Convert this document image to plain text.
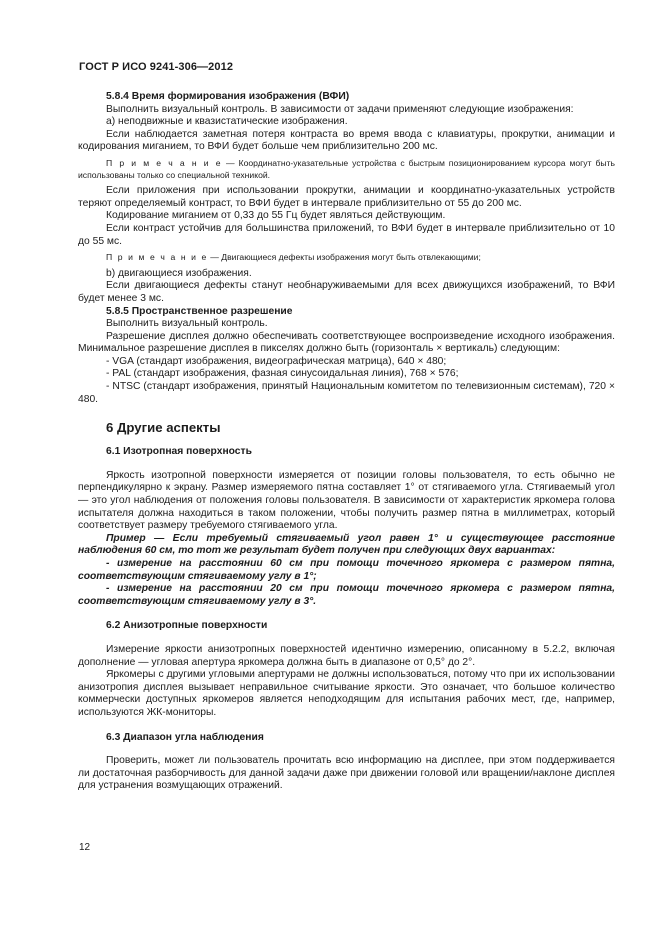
ГОСТ Р ИСО 9241-306—2012

5.8.4 Время формирования изображения (ВФИ)

Выполнить визуальный контроль. В зависимости от задачи применяют следующие изображения:

a) неподвижные и квазистатические изображения.

Если наблюдается заметная потеря контраста во время ввода с клавиатуры, прокрутки, анимации и кодирования миганием, то ВФИ будет больше чем приблизительно 200 мс.

П р и м е ч а н и е — Координатно-указательные устройства с быстрым позиционированием курсора могут быть использованы только со специальной техникой.

Если приложения при использовании прокрутки, анимации и координатно-указательных устройств теряют определяемый контраст, то ВФИ будет в интервале приблизительно от 55 до 200 мс.

Кодирование миганием от 0,33 до 55 Гц будет являться действующим.

Если контраст устойчив для большинства приложений, то ВФИ будет в интервале приблизительно от 10 до 55 мс.

П р и м е ч а н и е — Двигающиеся дефекты изображения могут быть отвлекающими;

b) двигающиеся изображения.

Если двигающиеся дефекты станут необнаруживаемыми для всех движущихся изображений, то ВФИ будет менее 3 мс.

5.8.5 Пространственное разрешение

Выполнить визуальный контроль.

Разрешение дисплея должно обеспечивать соответствующее воспроизведение исходного изображения. Минимальное разрешение дисплея в пикселях должно быть (горизонталь × вертикаль) следующим:

- VGA (стандарт изображения, видеографическая матрица), 640 × 480;

- PAL (стандарт изображения, фазная синусоидальная линия), 768 × 576;

- NTSC (стандарт изображения, принятый Национальным комитетом по телевизионным системам), 720 × 480.

6 Другие аспекты

6.1 Изотропная поверхность

Яркость изотропной поверхности измеряется от позиции головы пользователя, то есть обычно не перпендикулярно к экрану. Размер измеряемого пятна составляет 1° от стягиваемого угла. Стягиваемый угол — это угол наблюдения от положения головы пользователя. В зависимости от характеристик яркомера голова испытателя должна находиться в таком положении, чтобы получить размер пятна в миллиметрах, который соответствует размеру требуемого стягиваемого угла.

Пример — Если требуемый стягиваемый угол равен 1° и существующее расстояние наблюдения 60 см, то тот же результат будет получен при следующих двух вариантах:

- измерение на расстоянии 60 см при помощи точечного яркомера с размером пятна, соответствующим стягиваемому углу в 1°;

- измерение на расстоянии 20 см при помощи точечного яркомера с размером пятна, соответствующим стягиваемому углу в 3°.

6.2 Анизотропные поверхности

Измерение яркости анизотропных поверхностей идентично измерению, описанному в 5.2.2, включая дополнение — угловая апертура яркомера должна быть в диапазоне от 0,5° до 2°.

Яркомеры с другими угловыми апертурами не должны использоваться, потому что при их использовании анизотропия дисплея вызывает неправильное считывание яркости. Это означает, что большое количество коммерчески доступных яркомеров является неподходящим для испытания рабочих мест, где, например, используются ЖК-мониторы.

6.3 Диапазон угла наблюдения

Проверить, может ли пользователь прочитать всю информацию на дисплее, при этом поддерживается ли достаточная разборчивость для данной задачи даже при движении головой или вращении/наклоне дисплея для устранения возмущающих отражений.

12
